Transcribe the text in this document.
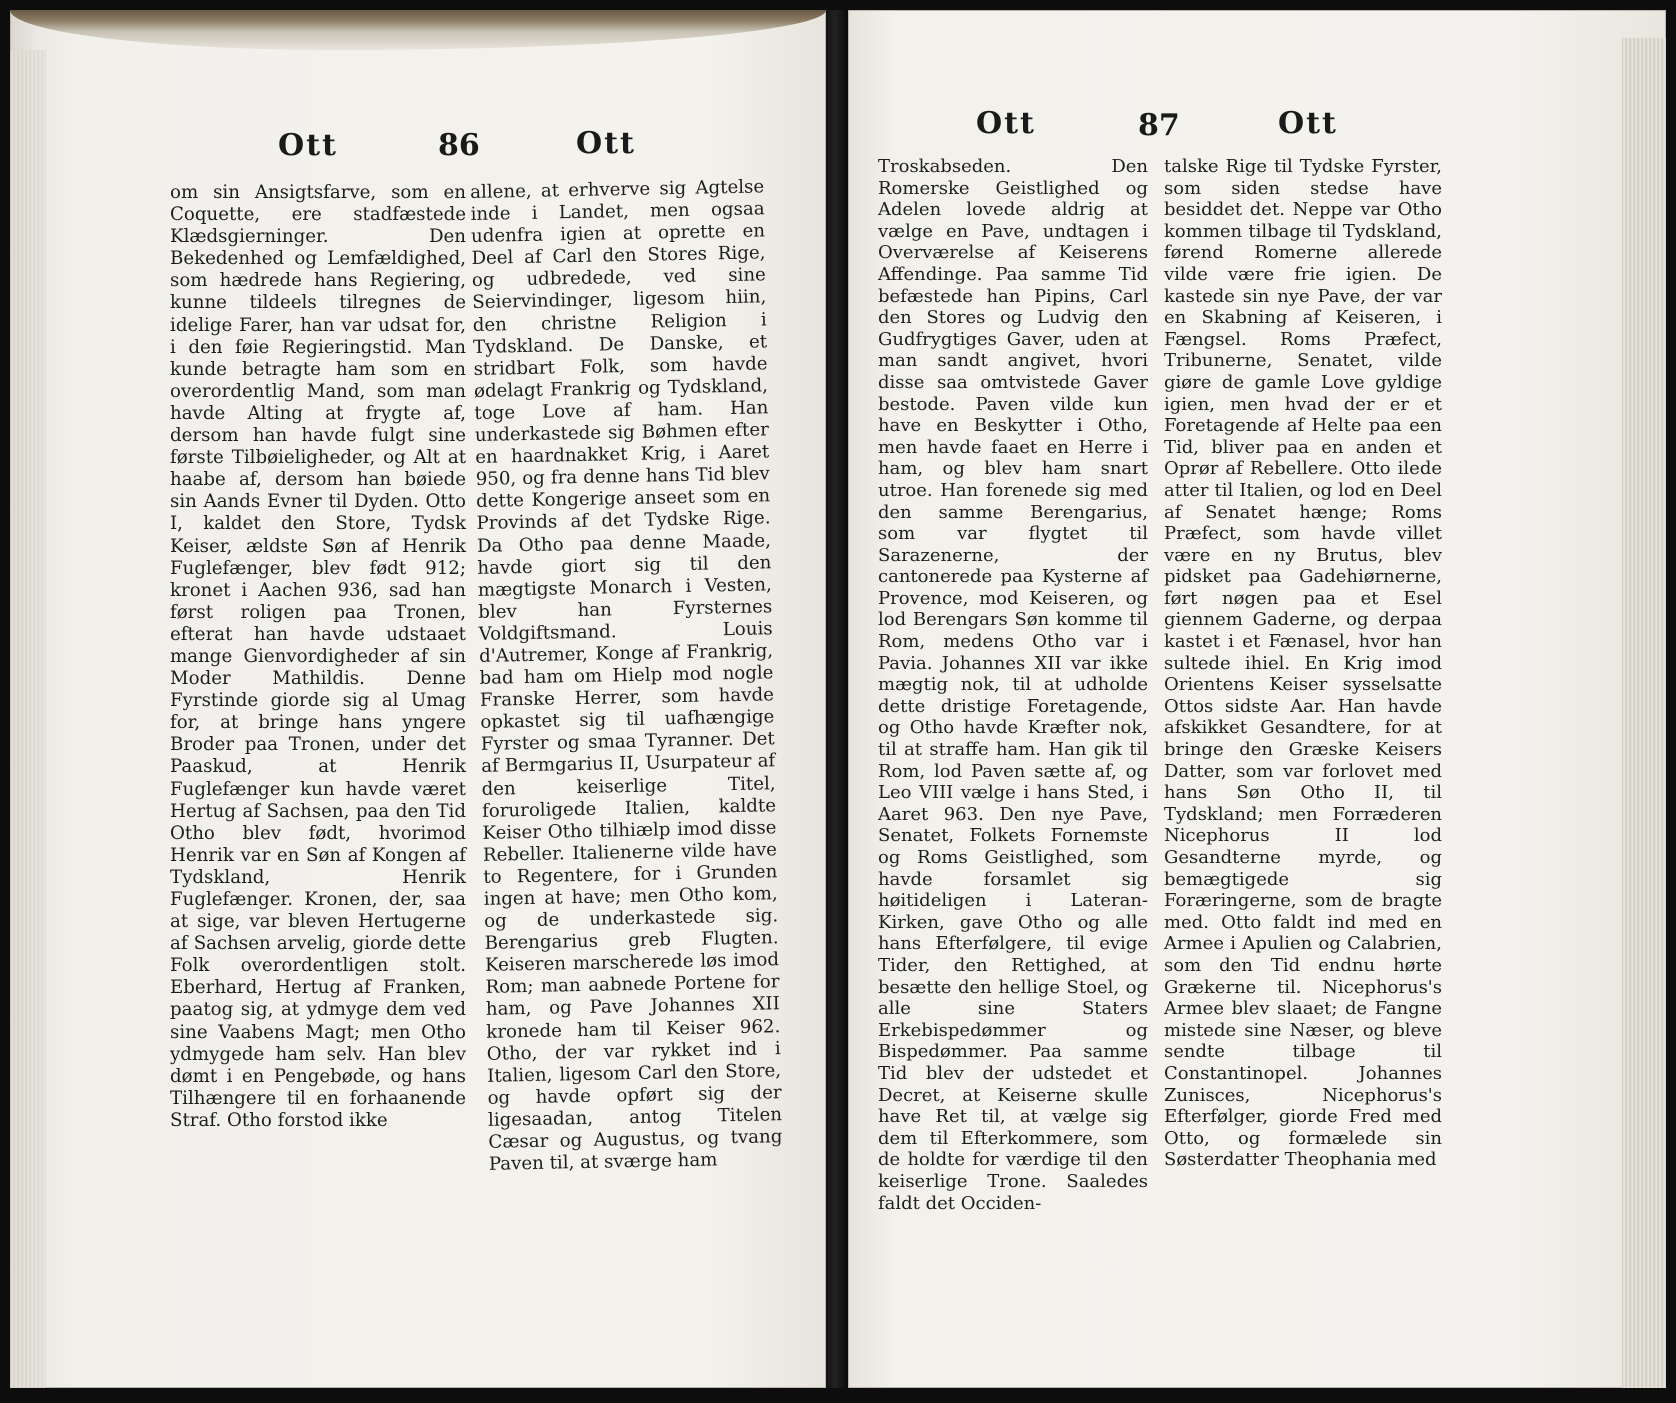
Ott	86	Ott
om sin Ansigtsfarve, som en Coquette, ere stadfæstede Klædsgierninger. Den Bekedenhed og Lemfældighed, som hædrede hans Regiering, kunne tildeels tilregnes de idelige Farer, han var udsat for, i den føie Regieringstid. Man kunde betragte ham som en overordentlig Mand, som man havde Alting at frygte af, dersom han havde fulgt sine første Tilbøieligheder, og Alt at haabe af, dersom han bøiede sin Aands Evner til Dyden. Otto I, kaldet den Store, Tydsk Keiser, ældste Søn af Henrik Fuglefænger, blev født 912; kronet i Aachen 936, sad han først roligen paa Tronen, efterat han havde udstaaet mange Gienvordigheder af sin Moder Mathildis. Denne Fyrstinde giorde sig al Umag for, at bringe hans yngere Broder paa Tronen, under det Paaskud, at Henrik Fuglefænger kun havde været Hertug af Sachsen, paa den Tid Otho blev født, hvorimod Henrik var en Søn af Kongen af Tydskland, Henrik Fuglefænger. Kronen, der, saa at sige, var bleven Hertugerne af Sachsen arvelig, giorde dette Folk overordentligen stolt. Eberhard, Hertug af Franken, paatog sig, at ydmyge dem ved sine Vaabens Magt; men Otho ydmygede ham selv. Han blev dømt i en Pengebøde, og hans Tilhængere til en forhaanende Straf. Otho forstod ikke
allene, at erhverve sig Agtelse inde i Landet, men ogsaa udenfra igien at oprette en Deel af Carl den Stores Rige, og udbredede, ved sine Seiervindinger, ligesom hiin, den christne Religion i Tydskland. De Danske, et stridbart Folk, som havde ødelagt Frankrig og Tydskland, toge Love af ham. Han underkastede sig Bøhmen efter en haardnakket Krig, i Aaret 950, og fra denne hans Tid blev dette Kongerige anseet som en Provinds af det Tydske Rige. Da Otho paa denne Maade, havde giort sig til den mægtigste Monarch i Vesten, blev han Fyrsternes Voldgiftsmand. Louis d'Autremer, Konge af Frankrig, bad ham om Hielp mod nogle Franske Herrer, som havde opkastet sig til uafhængige Fyrster og smaa Tyranner. Det af Bermgarius II, Usurpateur af den keiserlige Titel, foruroligede Italien, kaldte Keiser Otho tilhiælp imod disse Rebeller. Italienerne vilde have to Regentere, for i Grunden ingen at have; men Otho kom, og de underkastede sig. Berengarius greb Flugten. Keiseren marscherede løs imod Rom; man aabnede Portene for ham, og Pave Johannes XII kronede ham til Keiser 962. Otho, der var rykket ind i Italien, ligesom Carl den Store, og havde opført sig der ligesaadan, antog Titelen Cæsar og Augustus, og tvang Paven til, at sværge ham
Ott	87	Ott
Troskabseden. Den Romerske Geistlighed og Adelen lovede aldrig at vælge en Pave, undtagen i Overværelse af Keiserens Affendinge. Paa samme Tid befæstede han Pipins, Carl den Stores og Ludvig den Gudfrygtiges Gaver, uden at man sandt angivet, hvori disse saa omtvistede Gaver bestode. Paven vilde kun have en Beskytter i Otho, men havde faaet en Herre i ham, og blev ham snart utroe. Han forenede sig med den samme Berengarius, som var flygtet til Sarazenerne, der cantonerede paa Kysterne af Provence, mod Keiseren, og lod Berengars Søn komme til Rom, medens Otho var i Pavia. Johannes XII var ikke mægtig nok, til at udholde dette dristige Foretagende, og Otho havde Kræfter nok, til at straffe ham. Han gik til Rom, lod Paven sætte af, og Leo VIII vælge i hans Sted, i Aaret 963. Den nye Pave, Senatet, Folkets Fornemste og Roms Geistlighed, som havde forsamlet sig høitideligen i Lateran-Kirken, gave Otho og alle hans Efterfølgere, til evige Tider, den Rettighed, at besætte den hellige Stoel, og alle sine Staters Erkebispedømmer og Bispedømmer. Paa samme Tid blev der udstedet et Decret, at Keiserne skulle have Ret til, at vælge sig dem til Efterkommere, som de holdte for værdige til den keiserlige Trone. Saaledes faldt det Occiden-
talske Rige til Tydske Fyrster, som siden stedse have besiddet det. Neppe var Otho kommen tilbage til Tydskland, førend Romerne allerede vilde være frie igien. De kastede sin nye Pave, der var en Skabning af Keiseren, i Fængsel. Roms Præfect, Tribunerne, Senatet, vilde giøre de gamle Love gyldige igien, men hvad der er et Foretagende af Helte paa een Tid, bliver paa en anden et Oprør af Rebellere. Otto ilede atter til Italien, og lod en Deel af Senatet hænge; Roms Præfect, som havde villet være en ny Brutus, blev pidsket paa Gadehiørnerne, ført nøgen paa et Esel giennem Gaderne, og derpaa kastet i et Fænasel, hvor han sultede ihiel. En Krig imod Orientens Keiser sysselsatte Ottos sidste Aar. Han havde afskikket Gesandtere, for at bringe den Græske Keisers Datter, som var forlovet med hans Søn Otho II, til Tydskland; men Forræderen Nicephorus II lod Gesandterne myrde, og bemægtigede sig Foræringerne, som de bragte med. Otto faldt ind med en Armee i Apulien og Calabrien, som den Tid endnu hørte Grækerne til. Nicephorus's Armee blev slaaet; de Fangne mistede sine Næser, og bleve sendte tilbage til Constantinopel. Johannes Zunisces, Nicephorus's Efterfølger, giorde Fred med Otto, og formælede sin Søsterdatter Theophania med
